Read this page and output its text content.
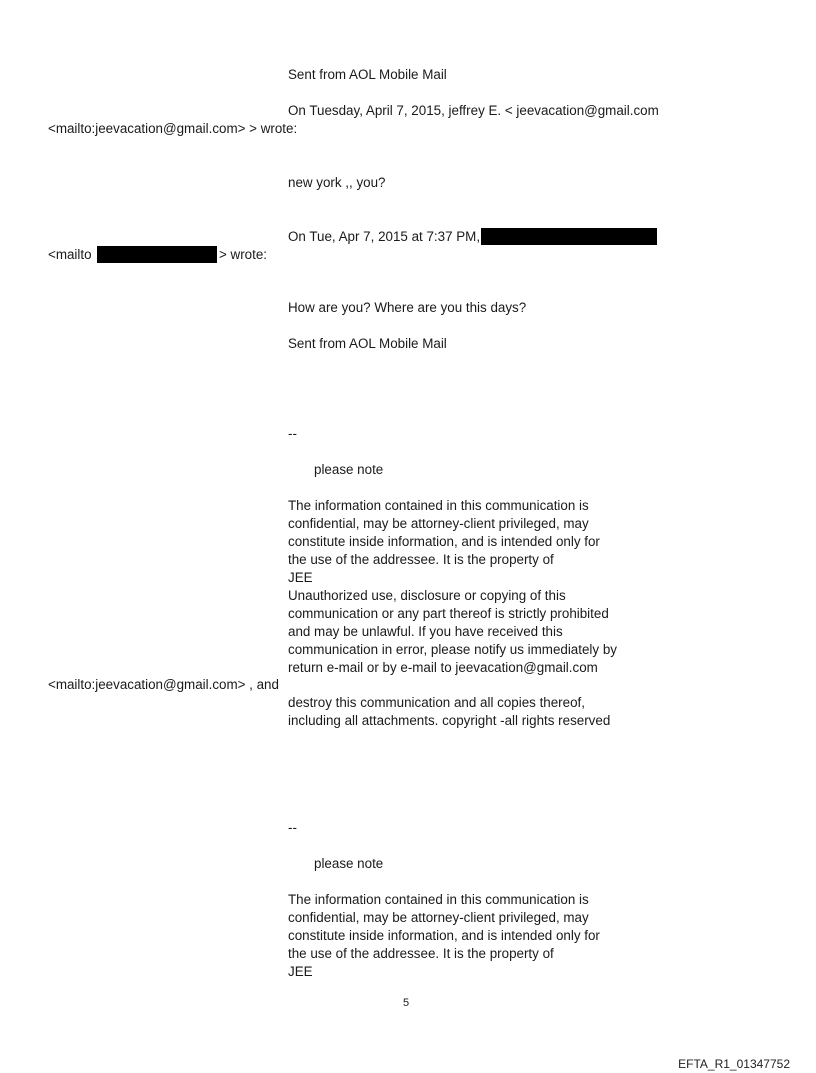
Sent from AOL Mobile Mail
On Tuesday, April 7, 2015, jeffrey E. < jeevacation@gmail.com
<mailto:jeevacation@gmail.com> > wrote:
new york ,, you?
On Tue, Apr 7, 2015 at 7:37 PM,
<mailto	> wrote:
How are you? Where are you this days?
Sent from AOL Mobile Mail
--
please note
The information contained in this communication is
confidential, may be attorney-client privileged, may
constitute inside information, and is intended only for
the use of the addressee. It is the property of
JEE
Unauthorized use, disclosure or copying of this
communication or any part thereof is strictly prohibited
and may be unlawful. If you have received this
communication in error, please notify us immediately by
return e-mail or by e-mail to jeevacation@gmail.com
<mailto:jeevacation@gmail.com> , and
destroy this communication and all copies thereof,
including all attachments. copyright -all rights reserved
--
please note
The information contained in this communication is
confidential, may be attorney-client privileged, may
constitute inside information, and is intended only for
the use of the addressee. It is the property of
JEE
5
EFTA_R1_01347752
